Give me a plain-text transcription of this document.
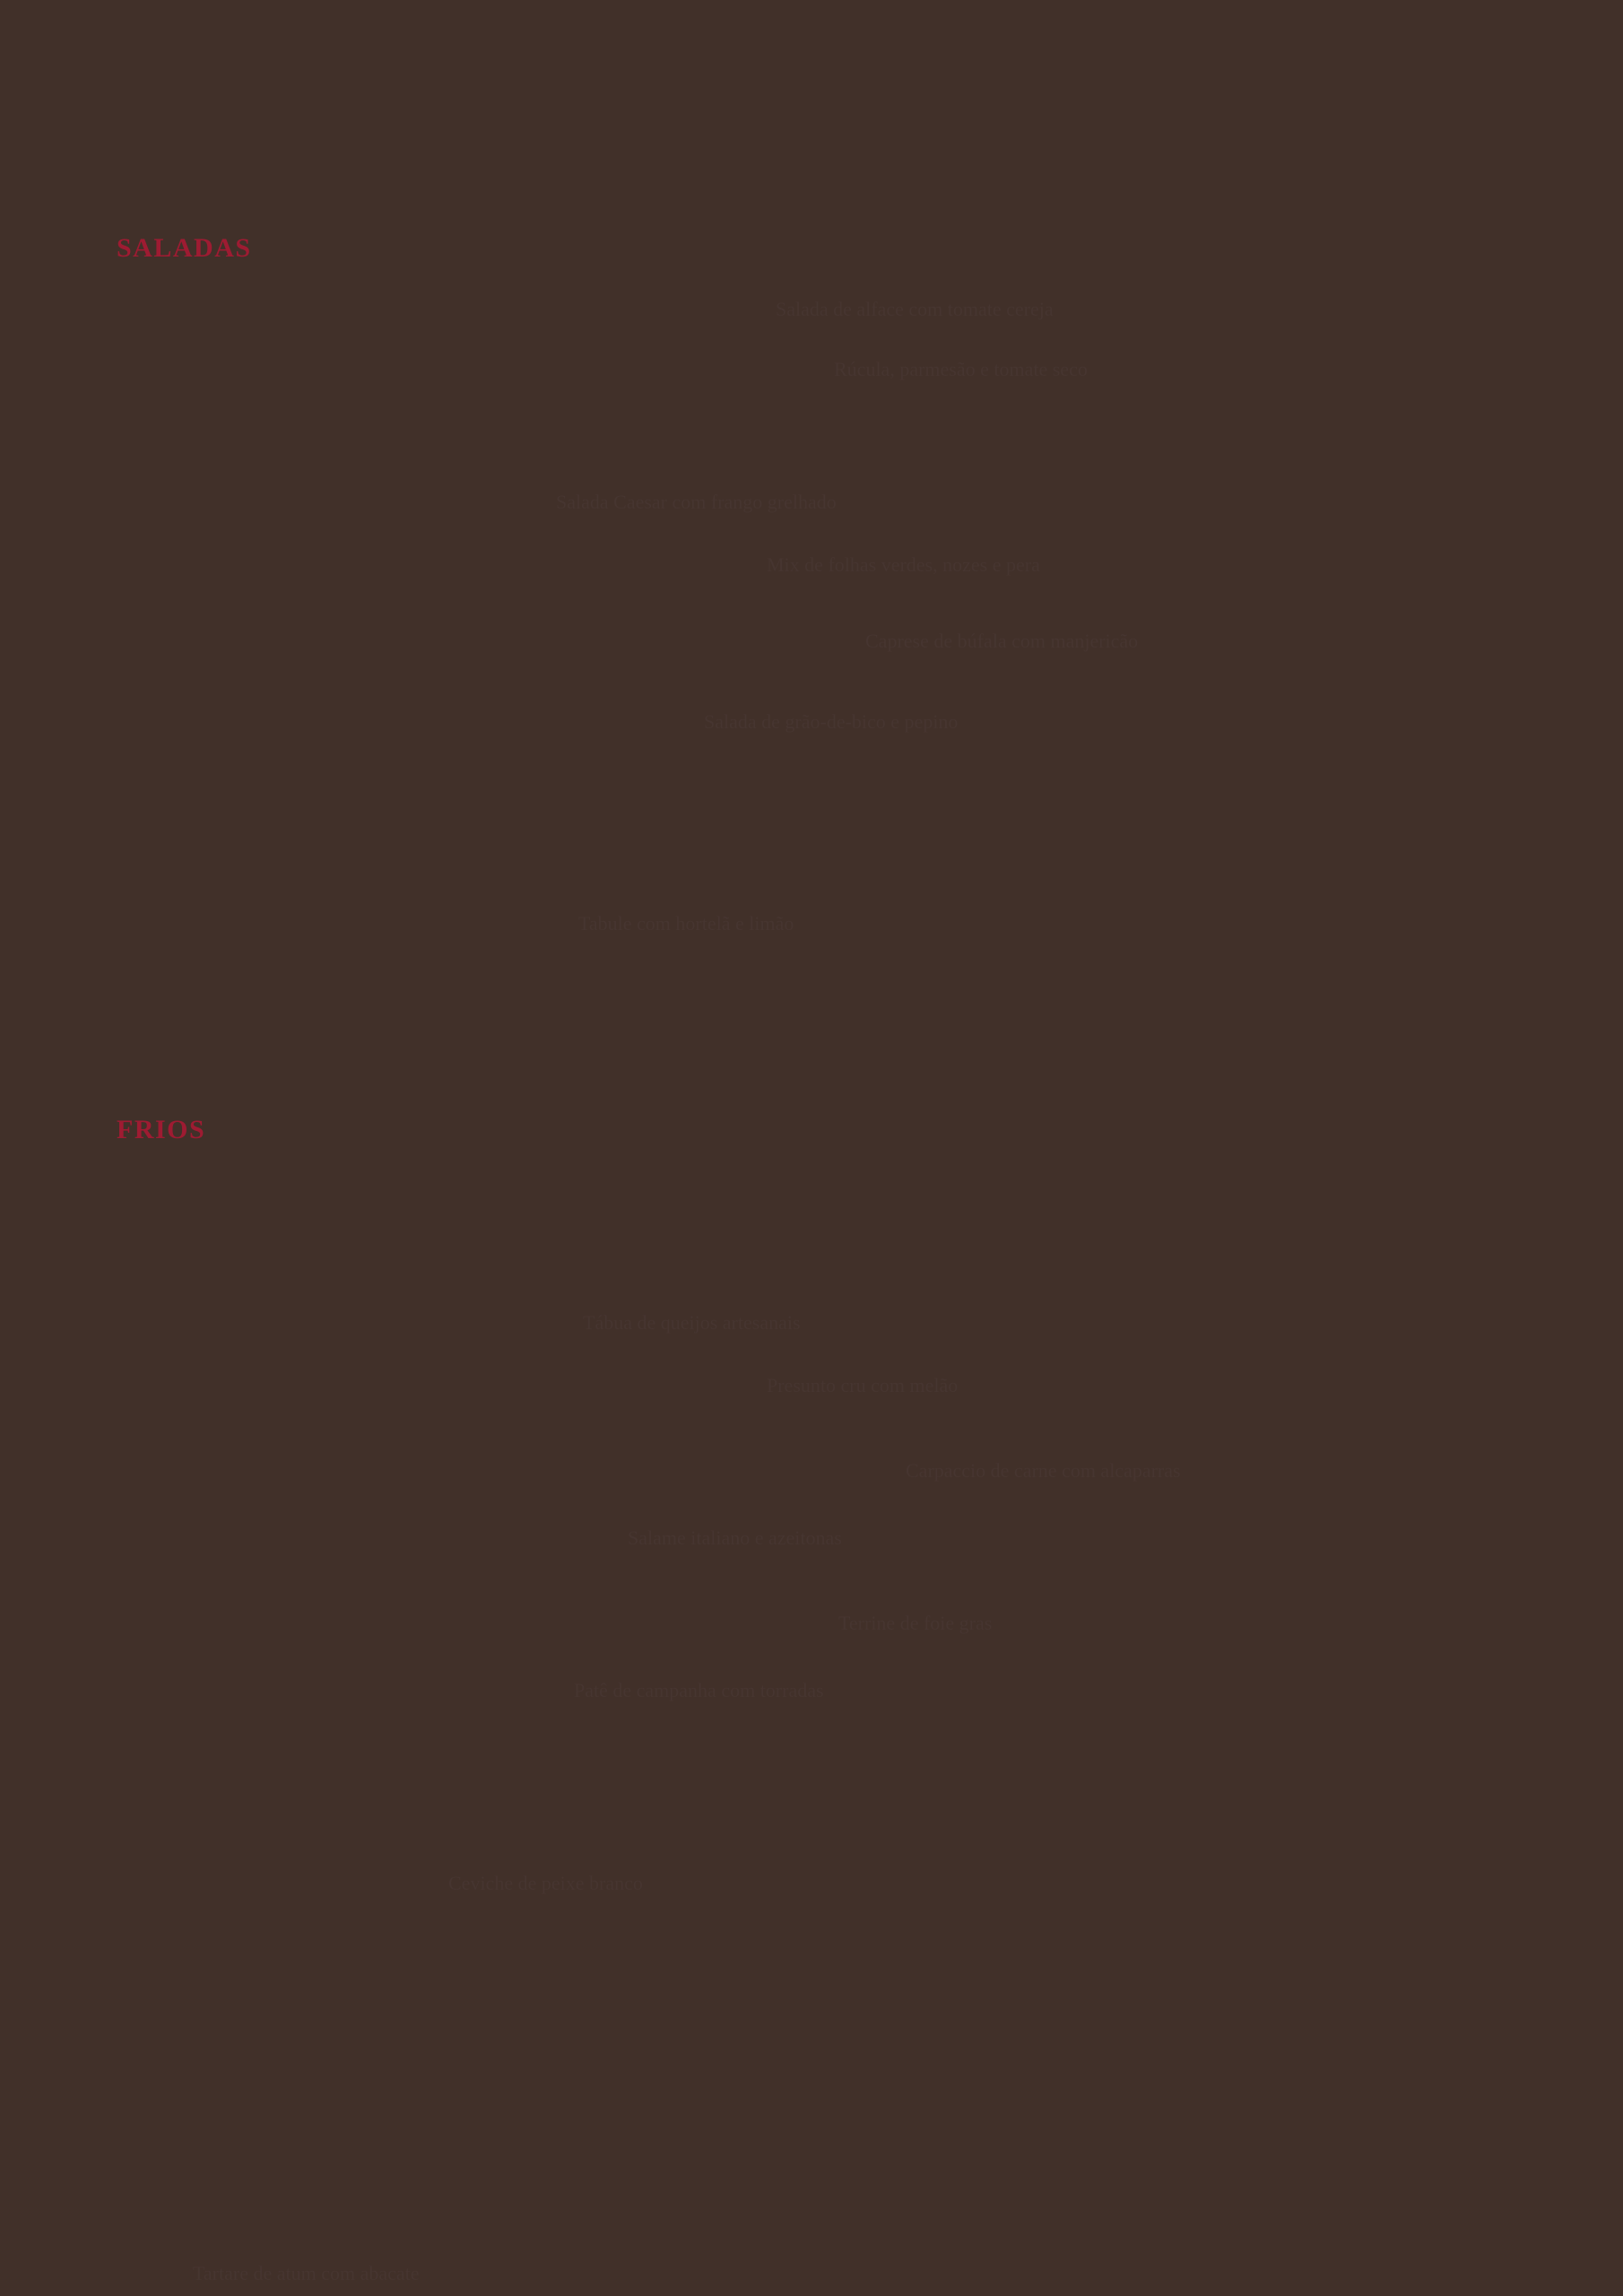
SALADAS
Salada de alface com tomate cereja
Rúcula, parmesão e tomate seco
Salada Caesar com frango grelhado
Mix de folhas verdes, nozes e pera
Caprese de búfala com manjericão
Salada de grão-de-bico e pepino
Tabule com hortelã e limão
FRIOS
Tábua de queijos artesanais
Presunto cru com melão
Carpaccio de carne com alcaparras
Salame italiano e azeitonas
Terrine de foie gras
Patê de campanha com torradas
Ceviche de peixe branco
Tartare de atum com abacate
